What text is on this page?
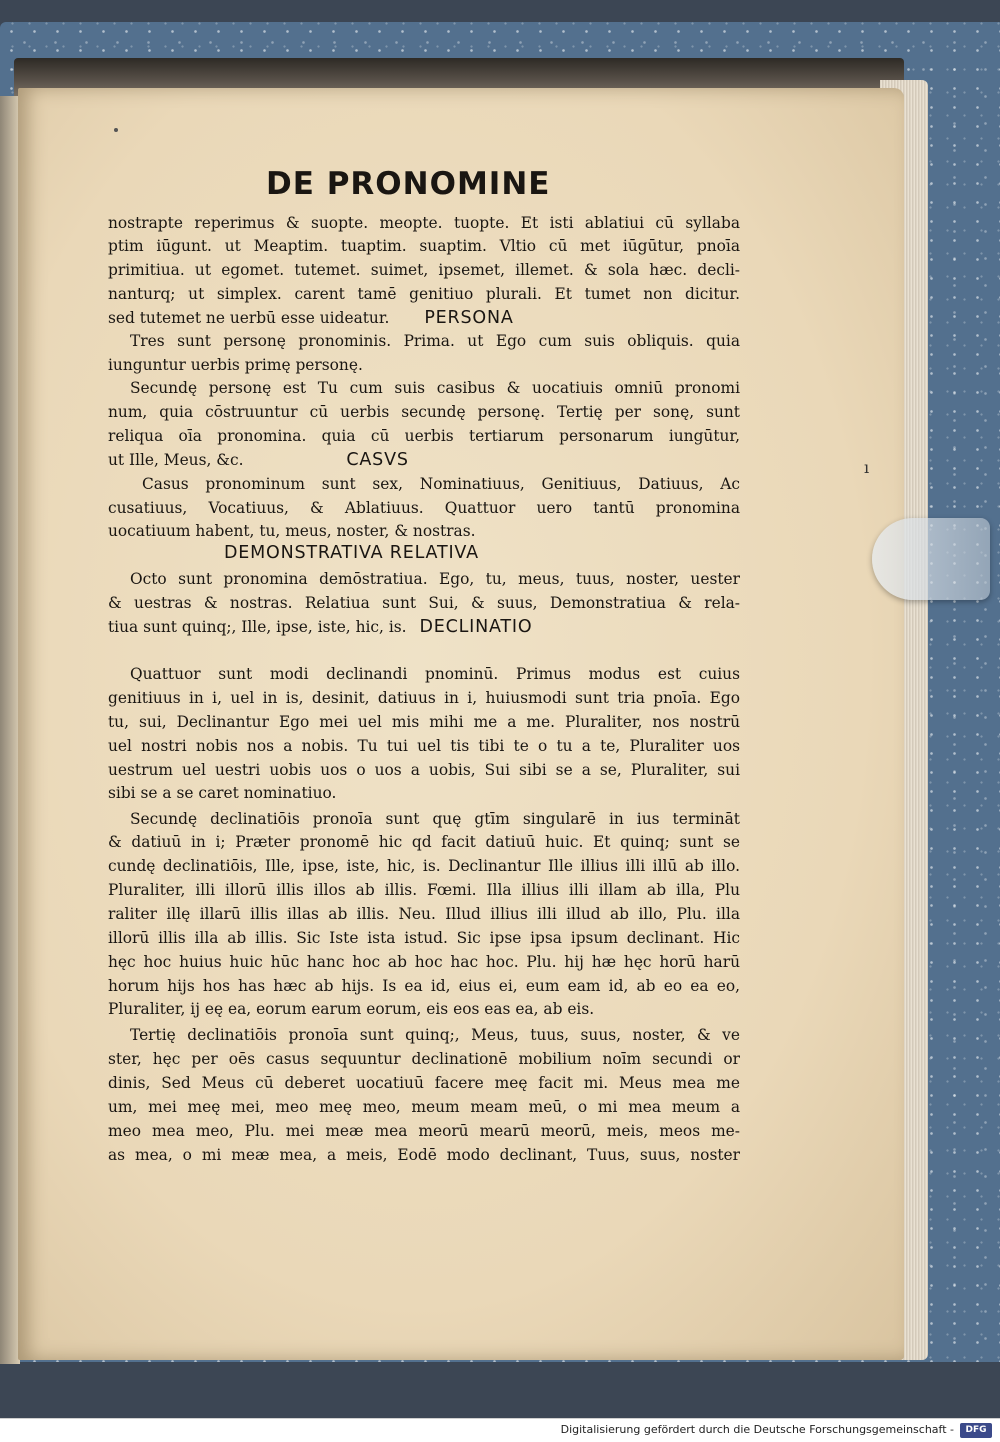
ı
DE PRONOMINE
nostrapte reperimus & suopte. meopte. tuopte. Et isti ablatiui cū syllaba
ptim iūgunt. ut Meaptim. tuaptim. suaptim. Vltio cū met iūgūtur, pnoīa
primitiua. ut egomet. tutemet. suimet, ipsemet, illemet. & sola hæc. decli-
nanturq; ut simplex. carent tamē genitiuo plurali. Et tumet non dicitur.
sed tutemet ne uerbū esse uideatur. PERSONA
Tres sunt personę pronominis. Prima. ut Ego cum suis obliquis. quia
iunguntur uerbis primę personę.
Secundę personę est Tu cum suis casibus & uocatiuis omniū pronomi
num, quia cōstruuntur cū uerbis secundę personę. Tertię per sonę, sunt
reliqua oīa pronomina. quia cū uerbis tertiarum personarum iungūtur,
ut Ille, Meus, &c.	CASVS
Casus pronominum sunt sex, Nominatiuus, Genitiuus, Datiuus, Ac
cusatiuus, Vocatiuus, & Ablatiuus. Quattuor uero tantū pronomina
uocatiuum habent, tu, meus, noster, & nostras.
DEMONSTRATIVA RELATIVA
Octo sunt pronomina demōstratiua. Ego, tu, meus, tuus, noster, uester
& uestras & nostras. Relatiua sunt Sui, & suus, Demonstratiua & rela-
tiua sunt quinq;, Ille, ipse, iste, hic, is. DECLINATIO
Quattuor sunt modi declinandi pnominū. Primus modus est cuius
genitiuus in i, uel in is, desinit, datiuus in i, huiusmodi sunt tria pnoīa. Ego
tu, sui, Declinantur Ego mei uel mis mihi me a me. Pluraliter, nos nostrū
uel nostri nobis nos a nobis. Tu tui uel tis tibi te o tu a te, Pluraliter uos
uestrum uel uestri uobis uos o uos a uobis, Sui sibi se a se, Pluraliter, sui
sibi se a se caret nominatiuo.
Secundę declinatiōis pronoīa sunt quę gtīm singularē in ius termināt
& datiuū in i; Præter pronomē hic qd facit datiuū huic. Et quinq; sunt se
cundę declinatiōis, Ille, ipse, iste, hic, is. Declinantur Ille illius illi illū ab illo.
Pluraliter, illi illorū illis illos ab illis. Fœmi. Illa illius illi illam ab illa, Plu
raliter illę illarū illis illas ab illis. Neu. Illud illius illi illud ab illo, Plu. illa
illorū illis illa ab illis. Sic Iste ista istud. Sic ipse ipsa ipsum declinant. Hic
hęc hoc huius huic hūc hanc hoc ab hoc hac hoc. Plu. hij hæ hęc horū harū
horum hijs hos has hæc ab hijs. Is ea id, eius ei, eum eam id, ab eo ea eo,
Pluraliter, ij eę ea, eorum earum eorum, eis eos eas ea, ab eis.
Tertię declinatiōis pronoīa sunt quinq;, Meus, tuus, suus, noster, & ve
ster, hęc per oēs casus sequuntur declinationē mobilium noīm secundi or
dinis, Sed Meus cū deberet uocatiuū facere meę facit mi. Meus mea me
um, mei meę mei, meo meę meo, meum meam meū, o mi mea meum a
meo mea meo, Plu. mei meæ mea meorū mearū meorū, meis, meos me-
as mea, o mi meæ mea, a meis, Eodē modo declinant, Tuus, suus, noster
Digitalisierung gefördert durch die Deutsche Forschungsgemeinschaft -	DFG
